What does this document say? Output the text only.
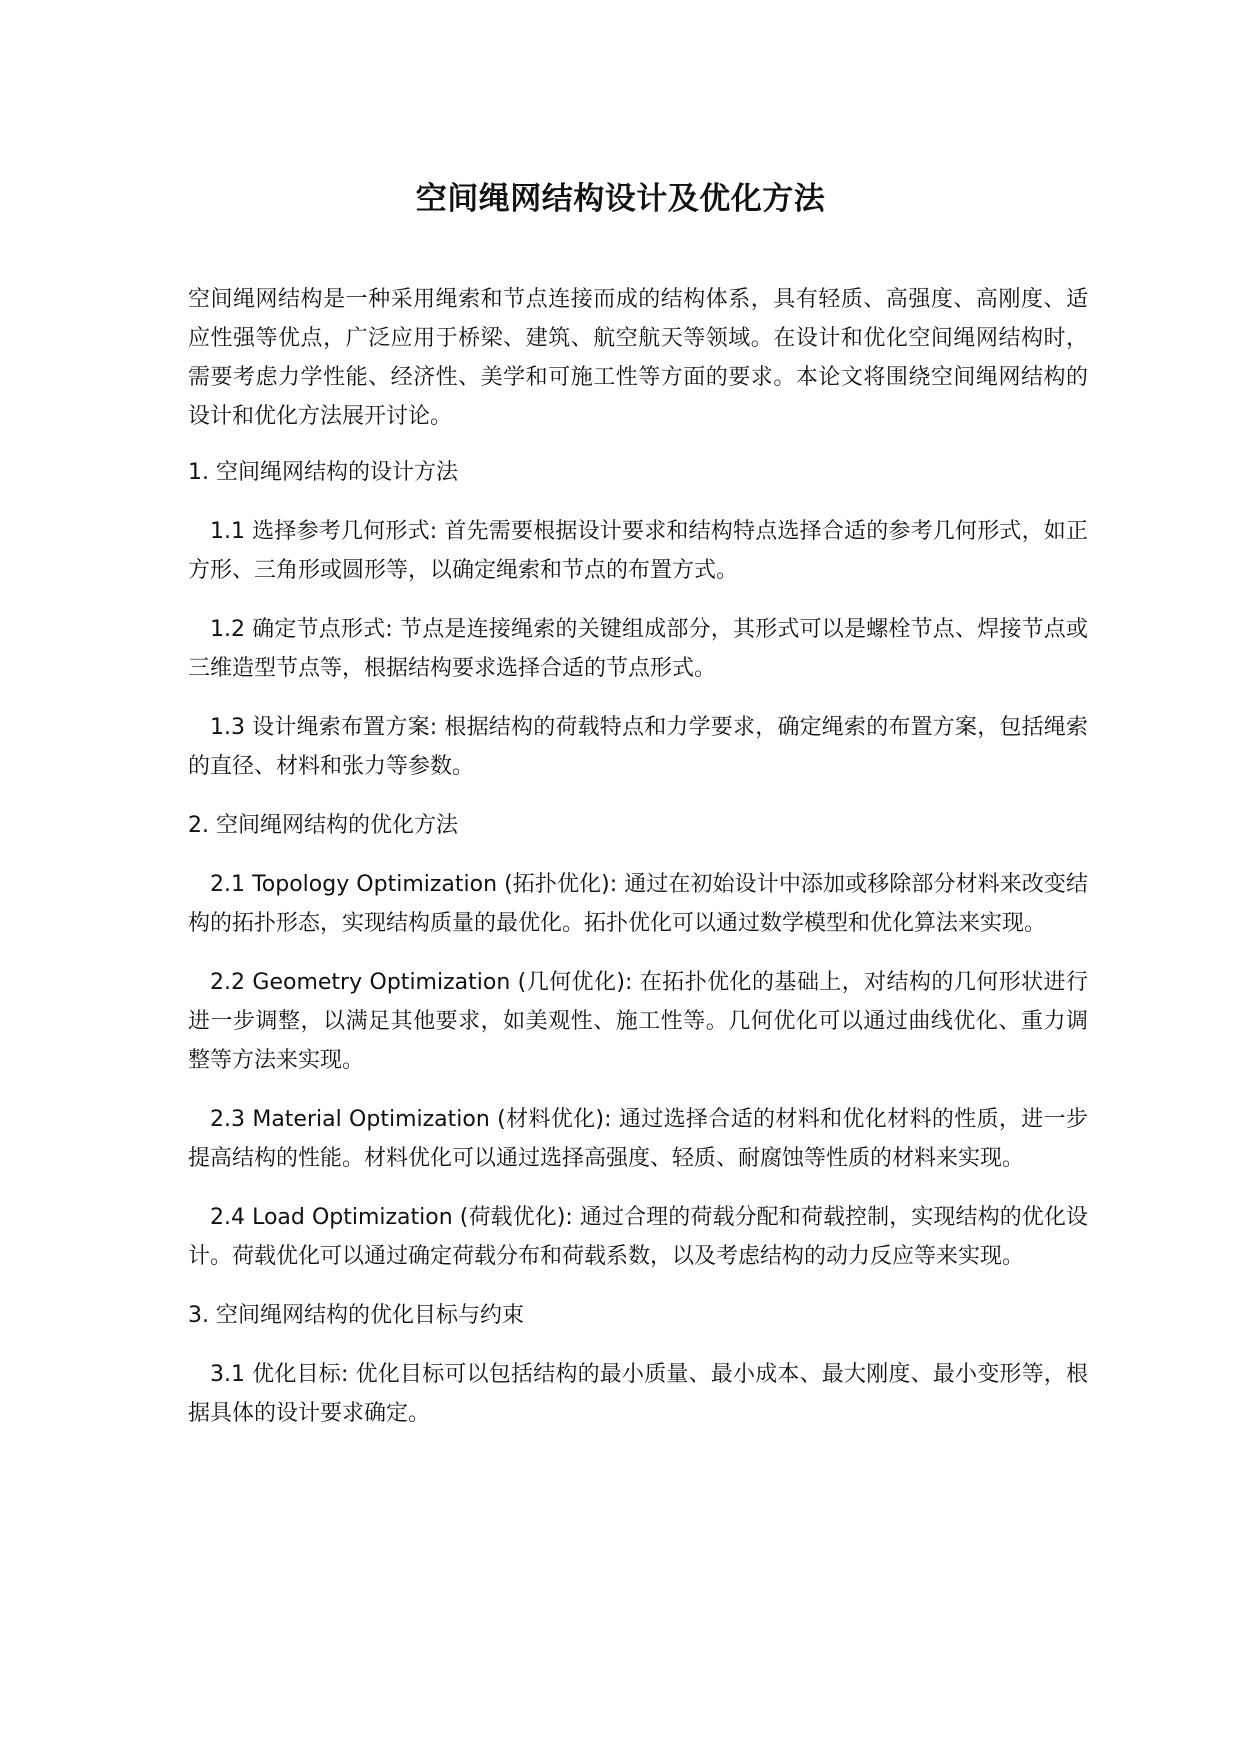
空间绳网结构设计及优化方法

空间绳网结构是一种采用绳索和节点连接而成的结构体系，具有轻质、高强度、高刚度、适应性强等优点，广泛应用于桥梁、建筑、航空航天等领域。在设计和优化空间绳网结构时，需要考虑力学性能、经济性、美学和可施工性等方面的要求。本论文将围绕空间绳网结构的设计和优化方法展开讨论。

1. 空间绳网结构的设计方法

1.1 选择参考几何形式: 首先需要根据设计要求和结构特点选择合适的参考几何形式，如正方形、三角形或圆形等，以确定绳索和节点的布置方式。

1.2 确定节点形式: 节点是连接绳索的关键组成部分，其形式可以是螺栓节点、焊接节点或三维造型节点等，根据结构要求选择合适的节点形式。

1.3 设计绳索布置方案: 根据结构的荷载特点和力学要求，确定绳索的布置方案，包括绳索的直径、材料和张力等参数。

2. 空间绳网结构的优化方法

2.1 Topology Optimization (拓扑优化): 通过在初始设计中添加或移除部分材料来改变结构的拓扑形态，实现结构质量的最优化。拓扑优化可以通过数学模型和优化算法来实现。

2.2 Geometry Optimization (几何优化): 在拓扑优化的基础上，对结构的几何形状进行进一步调整，以满足其他要求，如美观性、施工性等。几何优化可以通过曲线优化、重力调整等方法来实现。

2.3 Material Optimization (材料优化): 通过选择合适的材料和优化材料的性质，进一步提高结构的性能。材料优化可以通过选择高强度、轻质、耐腐蚀等性质的材料来实现。

2.4 Load Optimization (荷载优化): 通过合理的荷载分配和荷载控制，实现结构的优化设计。荷载优化可以通过确定荷载分布和荷载系数，以及考虑结构的动力反应等来实现。

3. 空间绳网结构的优化目标与约束

3.1 优化目标: 优化目标可以包括结构的最小质量、最小成本、最大刚度、最小变形等，根据具体的设计要求确定。
